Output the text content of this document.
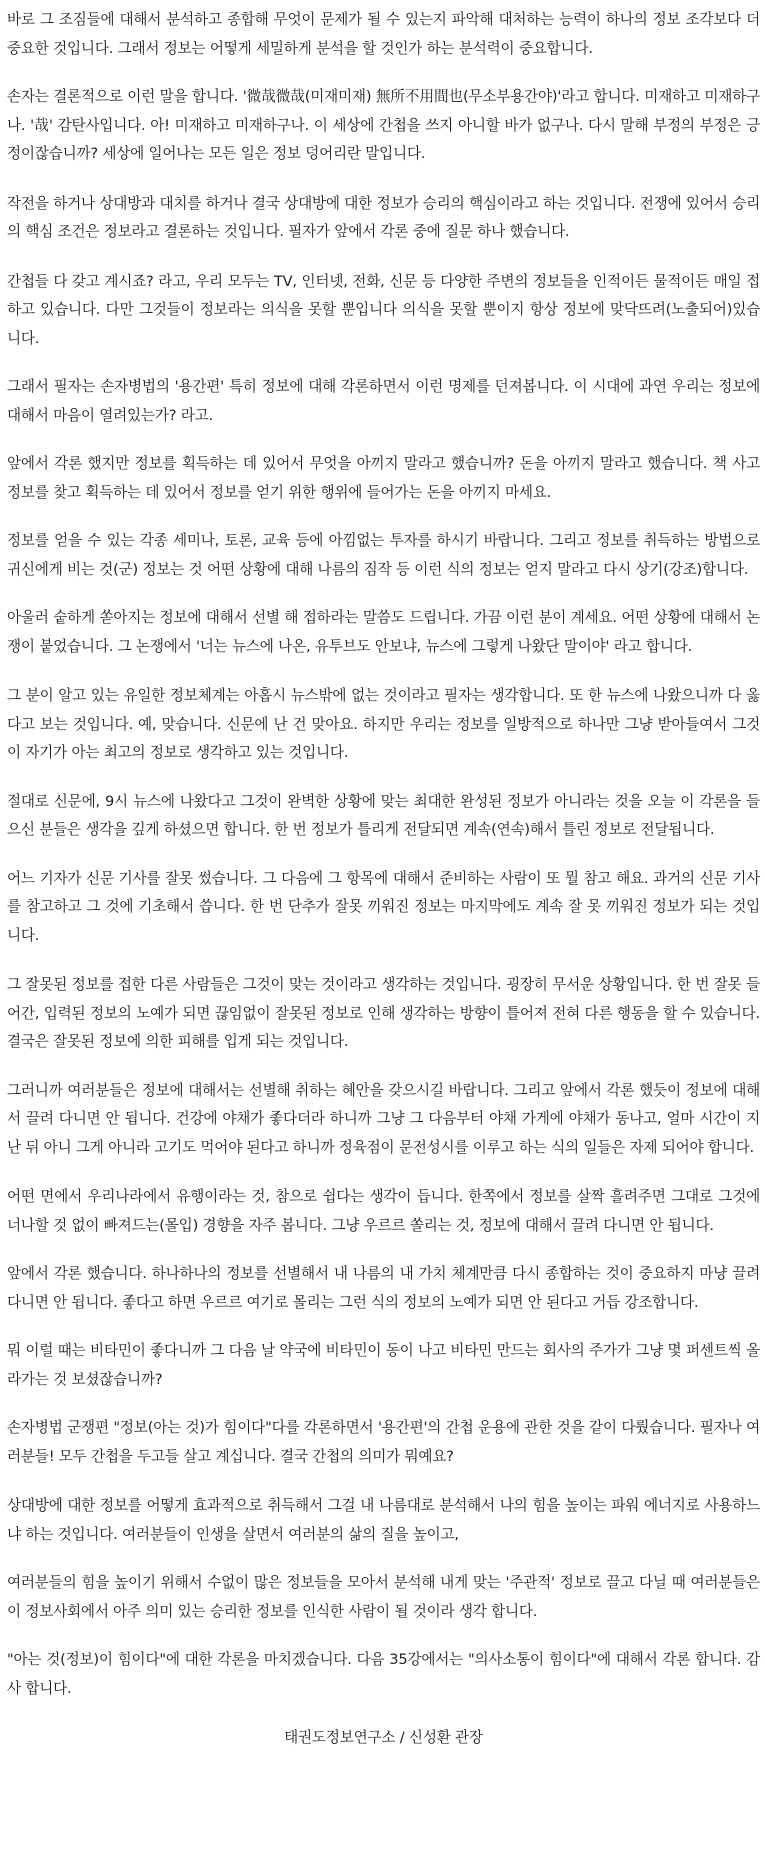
바로 그 조짐들에 대해서 분석하고 종합해 무엇이 문제가 될 수 있는지 파악해 대처하는 능력이 하나의 정보 조각보다 더 중요한 것입니다. 그래서 정보는 어떻게 세밀하게 분석을 할 것인가 하는 분석력이 중요합니다.

손자는 결론적으로 이런 말을 합니다. '微哉微哉(미재미재) 無所不用間也(무소부용간야)'라고 합니다. 미재하고 미재하구나. '哉' 감탄사입니다. 아! 미재하고 미재하구나. 이 세상에 간첩을 쓰지 아니할 바가 없구나. 다시 말해 부정의 부정은 긍정이잖습니까? 세상에 일어나는 모든 일은 정보 덩어리란 말입니다.

작전을 하거나 상대방과 대치를 하거나 결국 상대방에 대한 정보가 승리의 핵심이라고 하는 것입니다. 전쟁에 있어서 승리의 핵심 조건은 정보라고 결론하는 것입니다. 필자가 앞에서 각론 중에 질문 하나 했습니다.

간첩들 다 갖고 계시죠? 라고, 우리 모두는 TV, 인터넷, 전화, 신문 등 다양한 주변의 정보들을 인적이든 물적이든 매일 접하고 있습니다. 다만 그것들이 정보라는 의식을 못할 뿐입니다 의식을 못할 뿐이지 항상 정보에 맞닥뜨려(노출되어)있습니다.

그래서 필자는 손자병법의 '용간편' 특히 정보에 대해 각론하면서 이런 명제를 던져봅니다. 이 시대에 과연 우리는 정보에 대해서 마음이 열려있는가? 라고.

앞에서 각론 했지만 정보를 획득하는 데 있어서 무엇을 아끼지 말라고 했습니까? 돈을 아끼지 말라고 했습니다. 책 사고 정보를 찾고 획득하는 데 있어서 정보를 얻기 위한 행위에 들어가는 돈을 아끼지 마세요.

정보를 얻을 수 있는 각종 세미나, 토론, 교육 등에 아낌없는 투자를 하시기 바랍니다. 그리고 정보를 취득하는 방법으로 귀신에게 비는 것(군) 정보는 것 어떤 상황에 대해 나름의 짐작 등 이런 식의 정보는 얻지 말라고 다시 상기(강조)합니다.

아울러 숱하게 쏟아지는 정보에 대해서 선별 해 접하라는 말씀도 드립니다. 가끔 이런 분이 계세요. 어떤 상황에 대해서 논쟁이 붙었습니다. 그 논쟁에서 '너는 뉴스에 나온, 유투브도 안보냐, 뉴스에 그렇게 나왔단 말이야' 라고 합니다.

그 분이 알고 있는 유일한 정보체계는 아홉시 뉴스밖에 없는 것이라고 필자는 생각합니다. 또 한 뉴스에 나왔으니까 다 옳다고 보는 것입니다. 예, 맞습니다. 신문에 난 건 맞아요. 하지만 우리는 정보를 일방적으로 하나만 그냥 받아들여서 그것이 자기가 아는 최고의 정보로 생각하고 있는 것입니다.

절대로 신문에, 9시 뉴스에 나왔다고 그것이 완벽한 상황에 맞는 최대한 완성된 정보가 아니라는 것을 오늘 이 각론을 들으신 분들은 생각을 깊게 하셨으면 합니다. 한 번 정보가 틀리게 전달되면 계속(연속)해서 틀린 정보로 전달됩니다.

어느 기자가 신문 기사를 잘못 썼습니다. 그 다음에 그 항목에 대해서 준비하는 사람이 또 뭘 참고 해요. 과거의 신문 기사를 참고하고 그 것에 기초해서 씁니다. 한 번 단추가 잘못 끼워진 정보는 마지막에도 계속 잘 못 끼워진 정보가 되는 것입니다.

그 잘못된 정보를 접한 다른 사람들은 그것이 맞는 것이라고 생각하는 것입니다. 굉장히 무서운 상황입니다. 한 번 잘못 들어간, 입력된 정보의 노예가 되면 끊임없이 잘못된 정보로 인해 생각하는 방향이 틀어져 전혀 다른 행동을 할 수 있습니다. 결국은 잘못된 정보에 의한 피해를 입게 되는 것입니다.

그러니까 여러분들은 정보에 대해서는 선별해 취하는 혜안을 갖으시길 바랍니다. 그리고 앞에서 각론 했듯이 정보에 대해서 끌려 다니면 안 됩니다. 건강에 야채가 좋다더라 하니까 그냥 그 다음부터 야채 가게에 야채가 동나고, 얼마 시간이 지난 뒤 아니 그게 아니라 고기도 먹어야 된다고 하니까 정육점이 문전성시를 이루고 하는 식의 일들은 자제 되어야 합니다.

어떤 면에서 우리나라에서 유행이라는 것, 참으로 쉽다는 생각이 듭니다. 한쪽에서 정보를 살짝 흘려주면 그대로 그것에 너나할 것 없이 빠져드는(몰입) 경향을 자주 봅니다. 그냥 우르르 쏠리는 것, 정보에 대해서 끌려 다니면 안 됩니다.

앞에서 각론 했습니다. 하나하나의 정보를 선별해서 내 나름의 내 가치 체계만큼 다시 종합하는 것이 중요하지 마냥 끌려 다니면 안 됩니다. 좋다고 하면 우르르 여기로 몰리는 그런 식의 정보의 노예가 되면 안 된다고 거듭 강조합니다.

뭐 이럴 때는 비타민이 좋다니까 그 다음 날 약국에 비타민이 동이 나고 비타민 만드는 회사의 주가가 그냥 몇 퍼센트씩 올라가는 것 보셨잖습니까?

손자병법 군쟁편 "정보(아는 것)가 힘이다"다를 각론하면서 '용간편'의 간첩 운용에 관한 것을 같이 다뤘습니다. 필자나 여러분들! 모두 간첩을 두고들 살고 계십니다. 결국 간첩의 의미가 뭐예요?

상대방에 대한 정보를 어떻게 효과적으로 취득해서 그걸 내 나름대로 분석해서 나의 힘을 높이는 파워 에너지로 사용하느냐 하는 것입니다. 여러분들이 인생을 살면서 여러분의 삶의 질을 높이고,

여러분들의 힘을 높이기 위해서 수없이 많은 정보들을 모아서 분석해 내게 맞는 '주관적' 정보로 끌고 다닐 때 여러분들은 이 정보사회에서 아주 의미 있는 승리한 정보를 인식한 사람이 될 것이라 생각 합니다.

"아는 것(정보)이 힘이다"에 대한 각론을 마치겠습니다. 다음 35강에서는 "의사소통이 힘이다"에 대해서 각론 합니다. 감사 합니다.

태권도정보연구소 / 신성환 관장
